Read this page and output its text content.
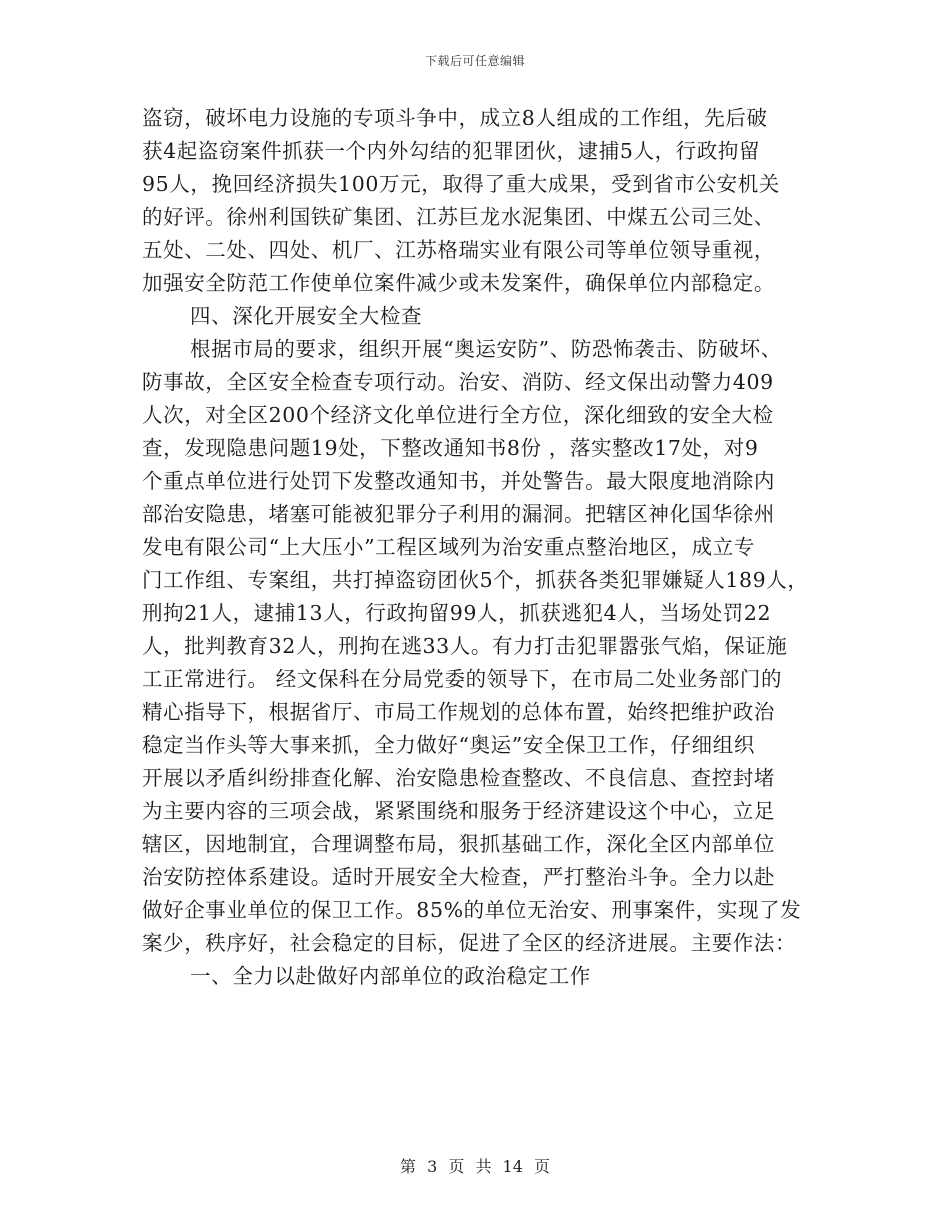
下载后可任意编辑
盗窃，破坏电力设施的专项斗争中，成立8人组成的工作组，先后破
获4起盗窃案件抓获一个内外勾结的犯罪团伙，逮捕5人，行政拘留
95人，挽回经济损失100万元，取得了重大成果，受到省市公安机关
的好评。徐州利国铁矿集团、江苏巨龙水泥集团、中煤五公司三处、
五处、二处、四处、机厂、江苏格瑞实业有限公司等单位领导重视，
加强安全防范工作使单位案件减少或未发案件，确保单位内部稳定。
四、深化开展安全大检查
根据市局的要求，组织开展“奥运安防”、防恐怖袭击、防破坏、
防事故，全区安全检查专项行动。治安、消防、经文保出动警力409
人次，对全区200个经济文化单位进行全方位，深化细致的安全大检
查，发现隐患问题19处，下整改通知书8份 ，落实整改17处，对9
个重点单位进行处罚下发整改通知书，并处警告。最大限度地消除内
部治安隐患，堵塞可能被犯罪分子利用的漏洞。把辖区神化国华徐州
发电有限公司“上大压小”工程区域列为治安重点整治地区，成立专
门工作组、专案组，共打掉盗窃团伙5个，抓获各类犯罪嫌疑人189人，
刑拘21人，逮捕13人，行政拘留99人，抓获逃犯4人，当场处罚22
人，批判教育32人，刑拘在逃33人。有力打击犯罪嚣张气焰，保证施
工正常进行。 经文保科在分局党委的领导下，在市局二处业务部门的
精心指导下，根据省厅、市局工作规划的总体布置，始终把维护政治
稳定当作头等大事来抓，全力做好“奥运”安全保卫工作，仔细组织
开展以矛盾纠纷排查化解、治安隐患检查整改、不良信息、查控封堵
为主要内容的三项会战，紧紧围绕和服务于经济建设这个中心，立足
辖区，因地制宜，合理调整布局，狠抓基础工作，深化全区内部单位
治安防控体系建设。适时开展安全大检查，严打整治斗争。全力以赴
做好企事业单位的保卫工作。85%的单位无治安、刑事案件，实现了发
案少，秩序好，社会稳定的目标，促进了全区的经济进展。主要作法：
一、全力以赴做好内部单位的政治稳定工作
第 3 页 共 14 页
